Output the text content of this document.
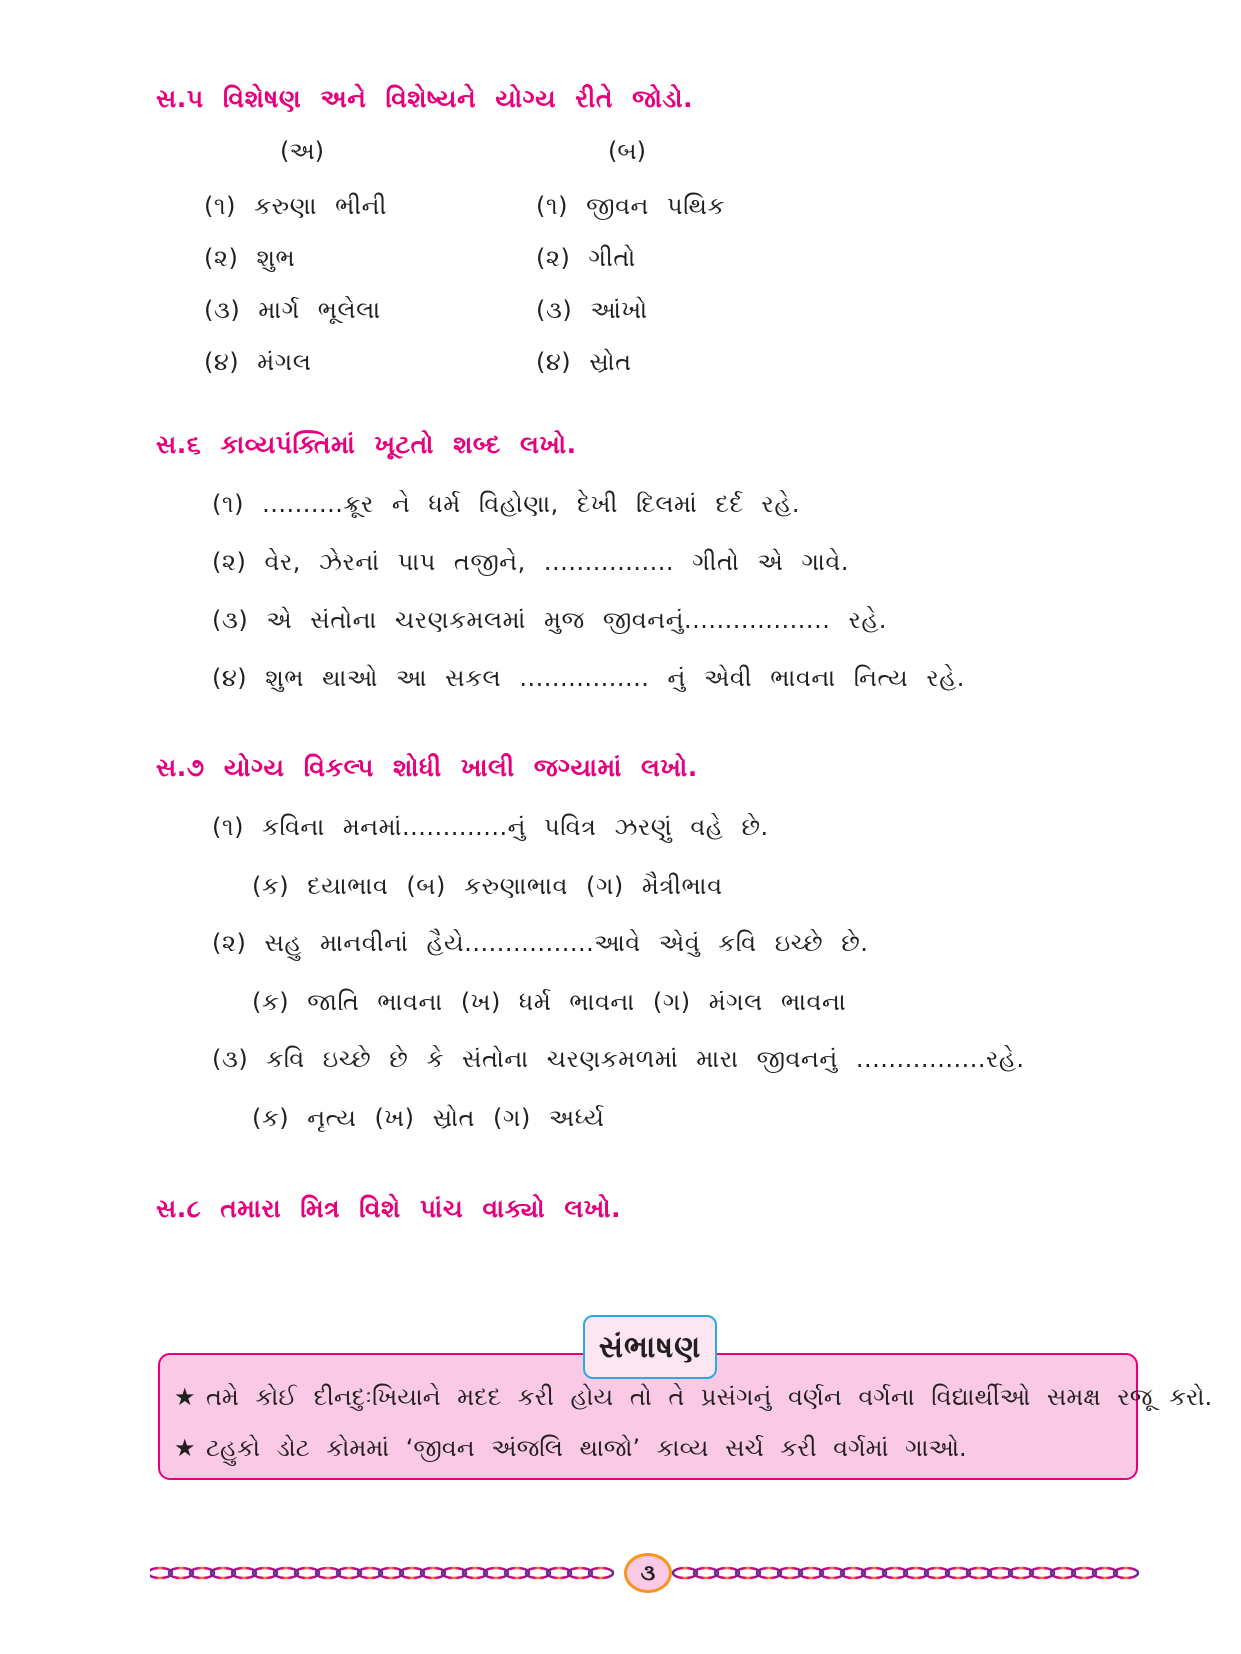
સ.૫ વિશેષણ અને વિશેષ્યને યોગ્ય રીતે જોડો.
(અ)	(બ)
(૧) કરુણા ભીની
(૨) શુભ
(૩) માર્ગ ભૂલેલા
(૪) મંગલ
(૧) જીવન પથિક
(૨) ગીતો
(૩) આંખો
(૪) સ્રોત
સ.૬ કાવ્યપંક્તિમાં ખૂટતો શબ્દ લખો.
(૧) ..........ક્રૂર ને ધર્મ વિહોણા, દેખી દિલમાં દર્દ રહે.
(૨) વેર, ઝેરનાં પાપ તજીને, ................ ગીતો એ ગાવે.
(૩) એ સંતોના ચરણકમલમાં મુજ જીવનનું.................. રહે.
(૪) શુભ થાઓ આ સકલ ................ નું એવી ભાવના નિત્ય રહે.
સ.૭ યોગ્ય વિકલ્પ શોધી ખાલી જગ્યામાં લખો.
(૧) કવિના મનમાં.............નું પવિત્ર ઝરણું વહે છે.
(ક) દયાભાવ (બ) કરુણાભાવ (ગ) મૈત્રીભાવ
(૨) સહુ માનવીનાં હૈયે................આવે એવું કવિ ઇચ્છે છે.
(ક) જાતિ ભાવના (ખ) ધર્મ ભાવના (ગ) મંગલ ભાવના
(૩) કવિ ઇચ્છે છે કે સંતોના ચરણકમળમાં મારા જીવનનું ................રહે.
(ક) નૃત્ય (ખ) સ્રોત (ગ) અર્ધ્ય
સ.૮ તમારા મિત્ર વિશે પાંચ વાક્યો લખો.
સંભાષણ
★ તમે કોઈ દીનદુઃખિયાને મદદ કરી હોય તો તે પ્રસંગનું વર્ણન વર્ગના વિદ્યાર્થીઓ સમક્ષ રજૂ કરો.
★ ટહુકો ડોટ કોમમાં ‘જીવન અંજલિ થાજો’ કાવ્ય સર્ચ કરી વર્ગમાં ગાઓ.
૩
